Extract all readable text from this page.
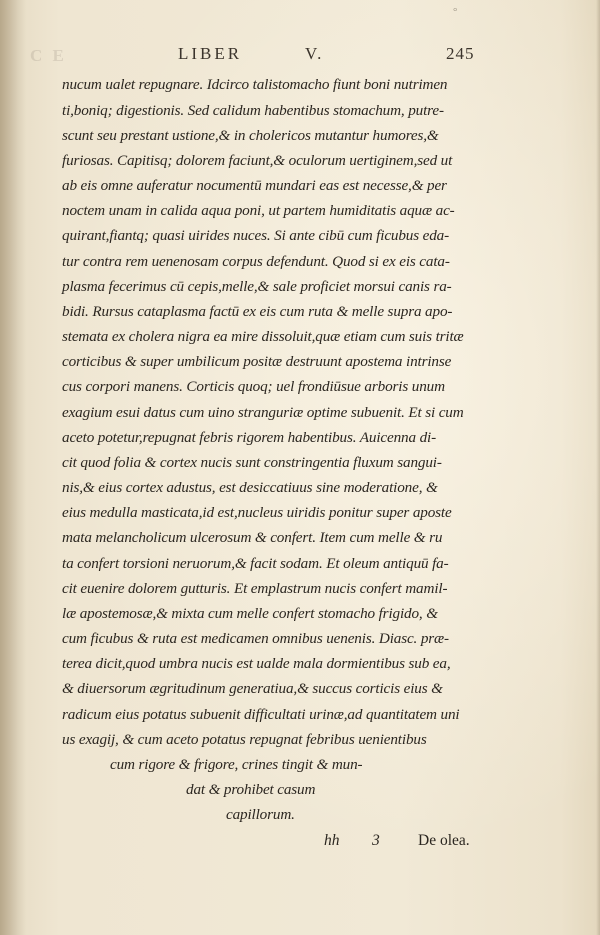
°
C E	LIBER	V.	245
nucum ualet repugnare. Idcirco talistomacho fiunt boni nutrimen
ti,boniq; digestionis. Sed calidum habentibus stomachum, putre-
scunt seu prestant ustione,& in cholericos mutantur humores,&
furiosas. Capitisq; dolorem faciunt,& oculorum uertiginem,sed ut
ab eis omne auferatur nocumentū mundari eas est necesse,& per
noctem unam in calida aqua poni, ut partem humiditatis aquæ ac-
quirant,fiantq; quasi uirides nuces. Si ante cibū cum ficubus eda-
tur contra rem uenenosam corpus defendunt. Quod si ex eis cata-
plasma fecerimus cū cepis,melle,& sale proficiet morsui canis ra-
bidi. Rursus cataplasma factū ex eis cum ruta & melle supra apo-
stemata ex cholera nigra ea mire dissoluit,quæ etiam cum suis tritæ
corticibus & super umbilicum positæ destruunt apostema intrinse
cus corpori manens. Corticis quoq; uel frondiūsue arboris unum
exagium esui datus cum uino stranguriæ optime subuenit. Et si cum
aceto potetur,repugnat febris rigorem habentibus. Auicenna di-
cit quod folia & cortex nucis sunt constringentia fluxum sangui-
nis,& eius cortex adustus, est desiccatiuus sine moderatione, &
eius medulla masticata,id est,nucleus uiridis ponitur super aposte
mata melancholicum ulcerosum & confert. Item cum melle & ru
ta confert torsioni neruorum,& facit sodam. Et oleum antiquū fa-
cit euenire dolorem gutturis. Et emplastrum nucis confert mamil-
læ apostemosæ,& mixta cum melle confert stomacho frigido, &
cum ficubus & ruta est medicamen omnibus uenenis. Diasc. præ-
terea dicit,quod umbra nucis est ualde mala dormientibus sub ea,
& diuersorum ægritudinum generatiua,& succus corticis eius &
radicum eius potatus subuenit difficultati urinæ,ad quantitatem uni
us exagij, & cum aceto potatus repugnat febribus uenientibus
cum rigore & frigore, crines tingit & mun-
dat & prohibet casum
capillorum.
hh 3 De olea.
